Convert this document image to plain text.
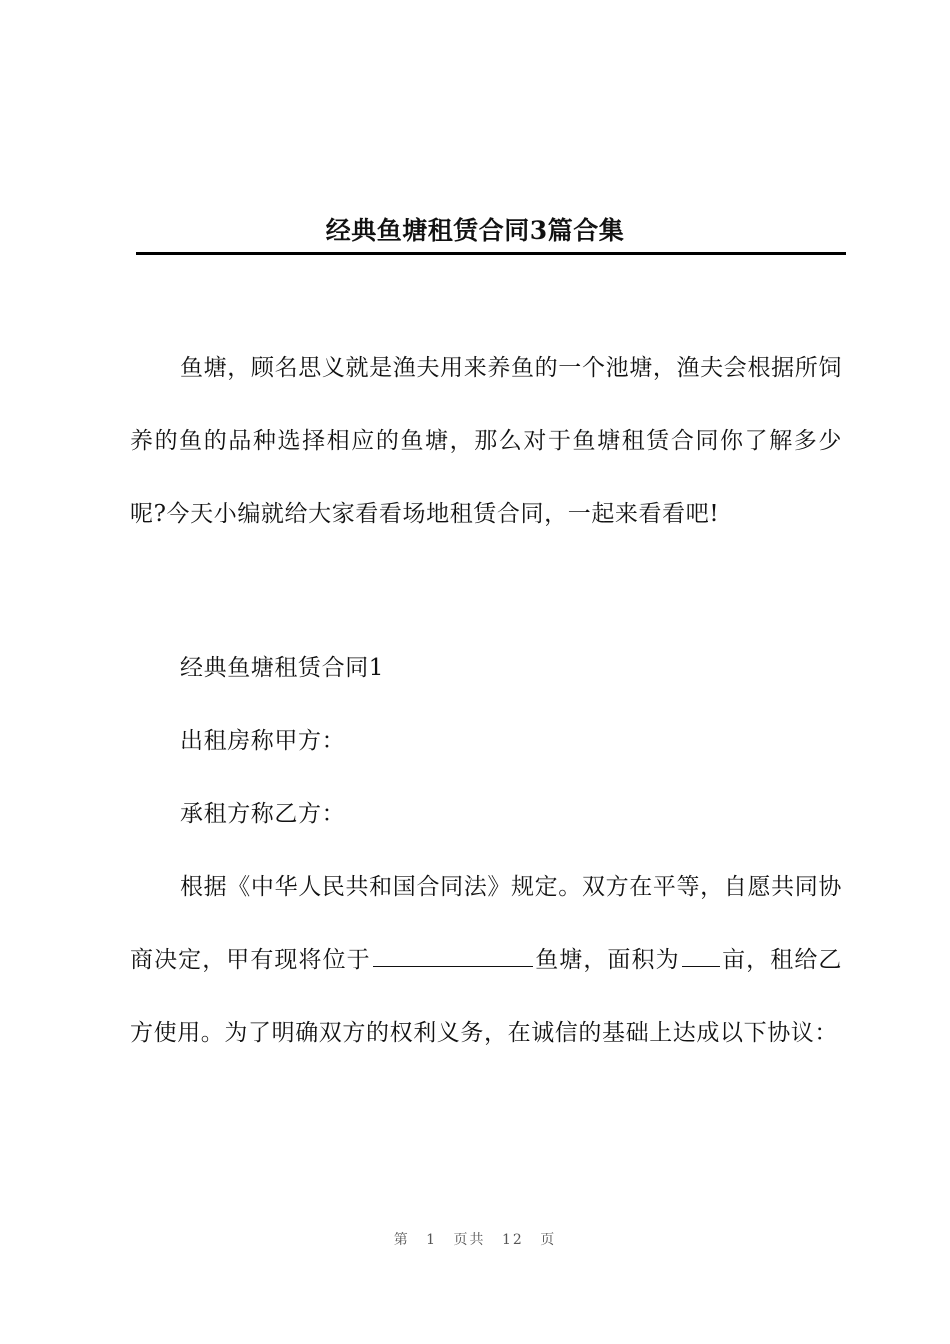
经典鱼塘租赁合同3篇合集

鱼塘，顾名思义就是渔夫用来养鱼的一个池塘，渔夫会根据所饲养的鱼的品种选择相应的鱼塘，那么对于鱼塘租赁合同你了解多少呢?今天小编就给大家看看场地租赁合同，一起来看看吧!

经典鱼塘租赁合同1

出租房称甲方：

承租方称乙方：

根据《中华人民共和国合同法》规定。双方在平等，自愿共同协商决定，甲有现将位于	鱼塘，面积为 亩，租给乙方使用。为了明确双方的权利义务，在诚信的基础上达成以下协议：

第 1 页共 12 页
